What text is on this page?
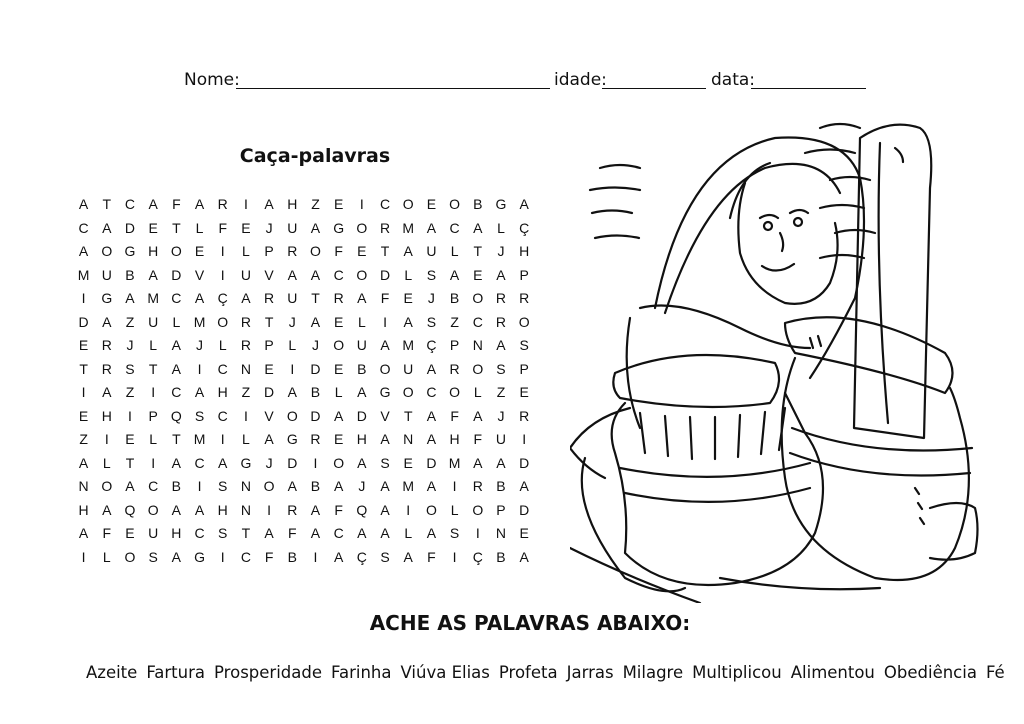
Nome:	idade:	data:
Caça-palavras
A	T C A	F	A R	I	A H Z	E	I	C O E O B G A
C A D E	T	L	F	E	J	U A G O R M A C A	L	Ç
A O G H O E	I	L	P R O F	E	T	A U	L	T	J	H
M U B A D V	I	U V A A C O D	L	S A E A P
I	G A M C A Ç A R U T R A	F	E	J	B O R R
D A	Z U	L M O R T	J	A E	L	I	A S	Z C R O
E R	J	L	A	J	L	R P	L	J	O U A M Ç P N A S
T R S	T	A	I	C N E	I	D E B O U A R O S P
I	A	Z	I	C A H Z D A B	L	A G O C O L	Z	E
E H	I	P Q S C	I	V O D A D V	T	A	F	A	J	R
Z	I	E	L	T M	I	L	A G R E H A N A H F U	I
A	L	T	I	A C A G	J	D	I	O A S E D M A A D
N O A C B	I	S N O A B A	J	A M A	I	R B A
H A Q O A A H N	I	R A	F Q A	I	O L O P D
A	F	E U H C S	T	A	F	A C A A	L	A S	I	N E
I	L O S A G	I	C F	B	I	A Ç S A	F	I	Ç B A
ACHE AS PALAVRAS ABAIXO:
Azeite Fartura Prosperidade Farinha Viúva Elias Profeta Jarras Milagre Multiplicou Alimentou Obediência Fé
